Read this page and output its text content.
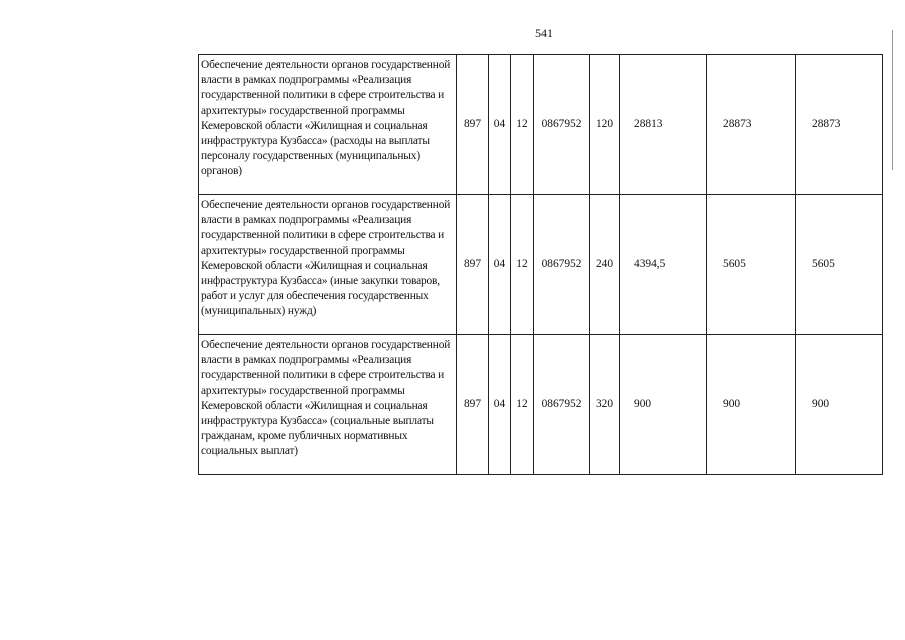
541
Обеспечение деятельности органов государственной власти в рамках подпрограммы «Реализация государственной политики в сфере строительства и архитектуры» государственной программы Кемеровской области «Жилищная и социальная инфраструктура Кузбасса» (расходы на выплаты персоналу государственных (муниципальных) органов)	897	04	12	0867952	120	28813	28873	28873
Обеспечение деятельности органов государственной власти в рамках подпрограммы «Реализация государственной политики в сфере строительства и архитектуры» государственной программы Кемеровской области «Жилищная и социальная инфраструктура Кузбасса» (иные закупки товаров, работ и услуг для обеспечения государственных (муниципальных) нужд)	897	04	12	0867952	240	4394,5	5605	5605
Обеспечение деятельности органов государственной власти в рамках подпрограммы «Реализация государственной политики в сфере строительства и архитектуры» государственной программы Кемеровской области «Жилищная и социальная инфраструктура Кузбасса» (социальные выплаты гражданам, кроме публичных нормативных социальных выплат)	897	04	12	0867952	320	900	900	900
